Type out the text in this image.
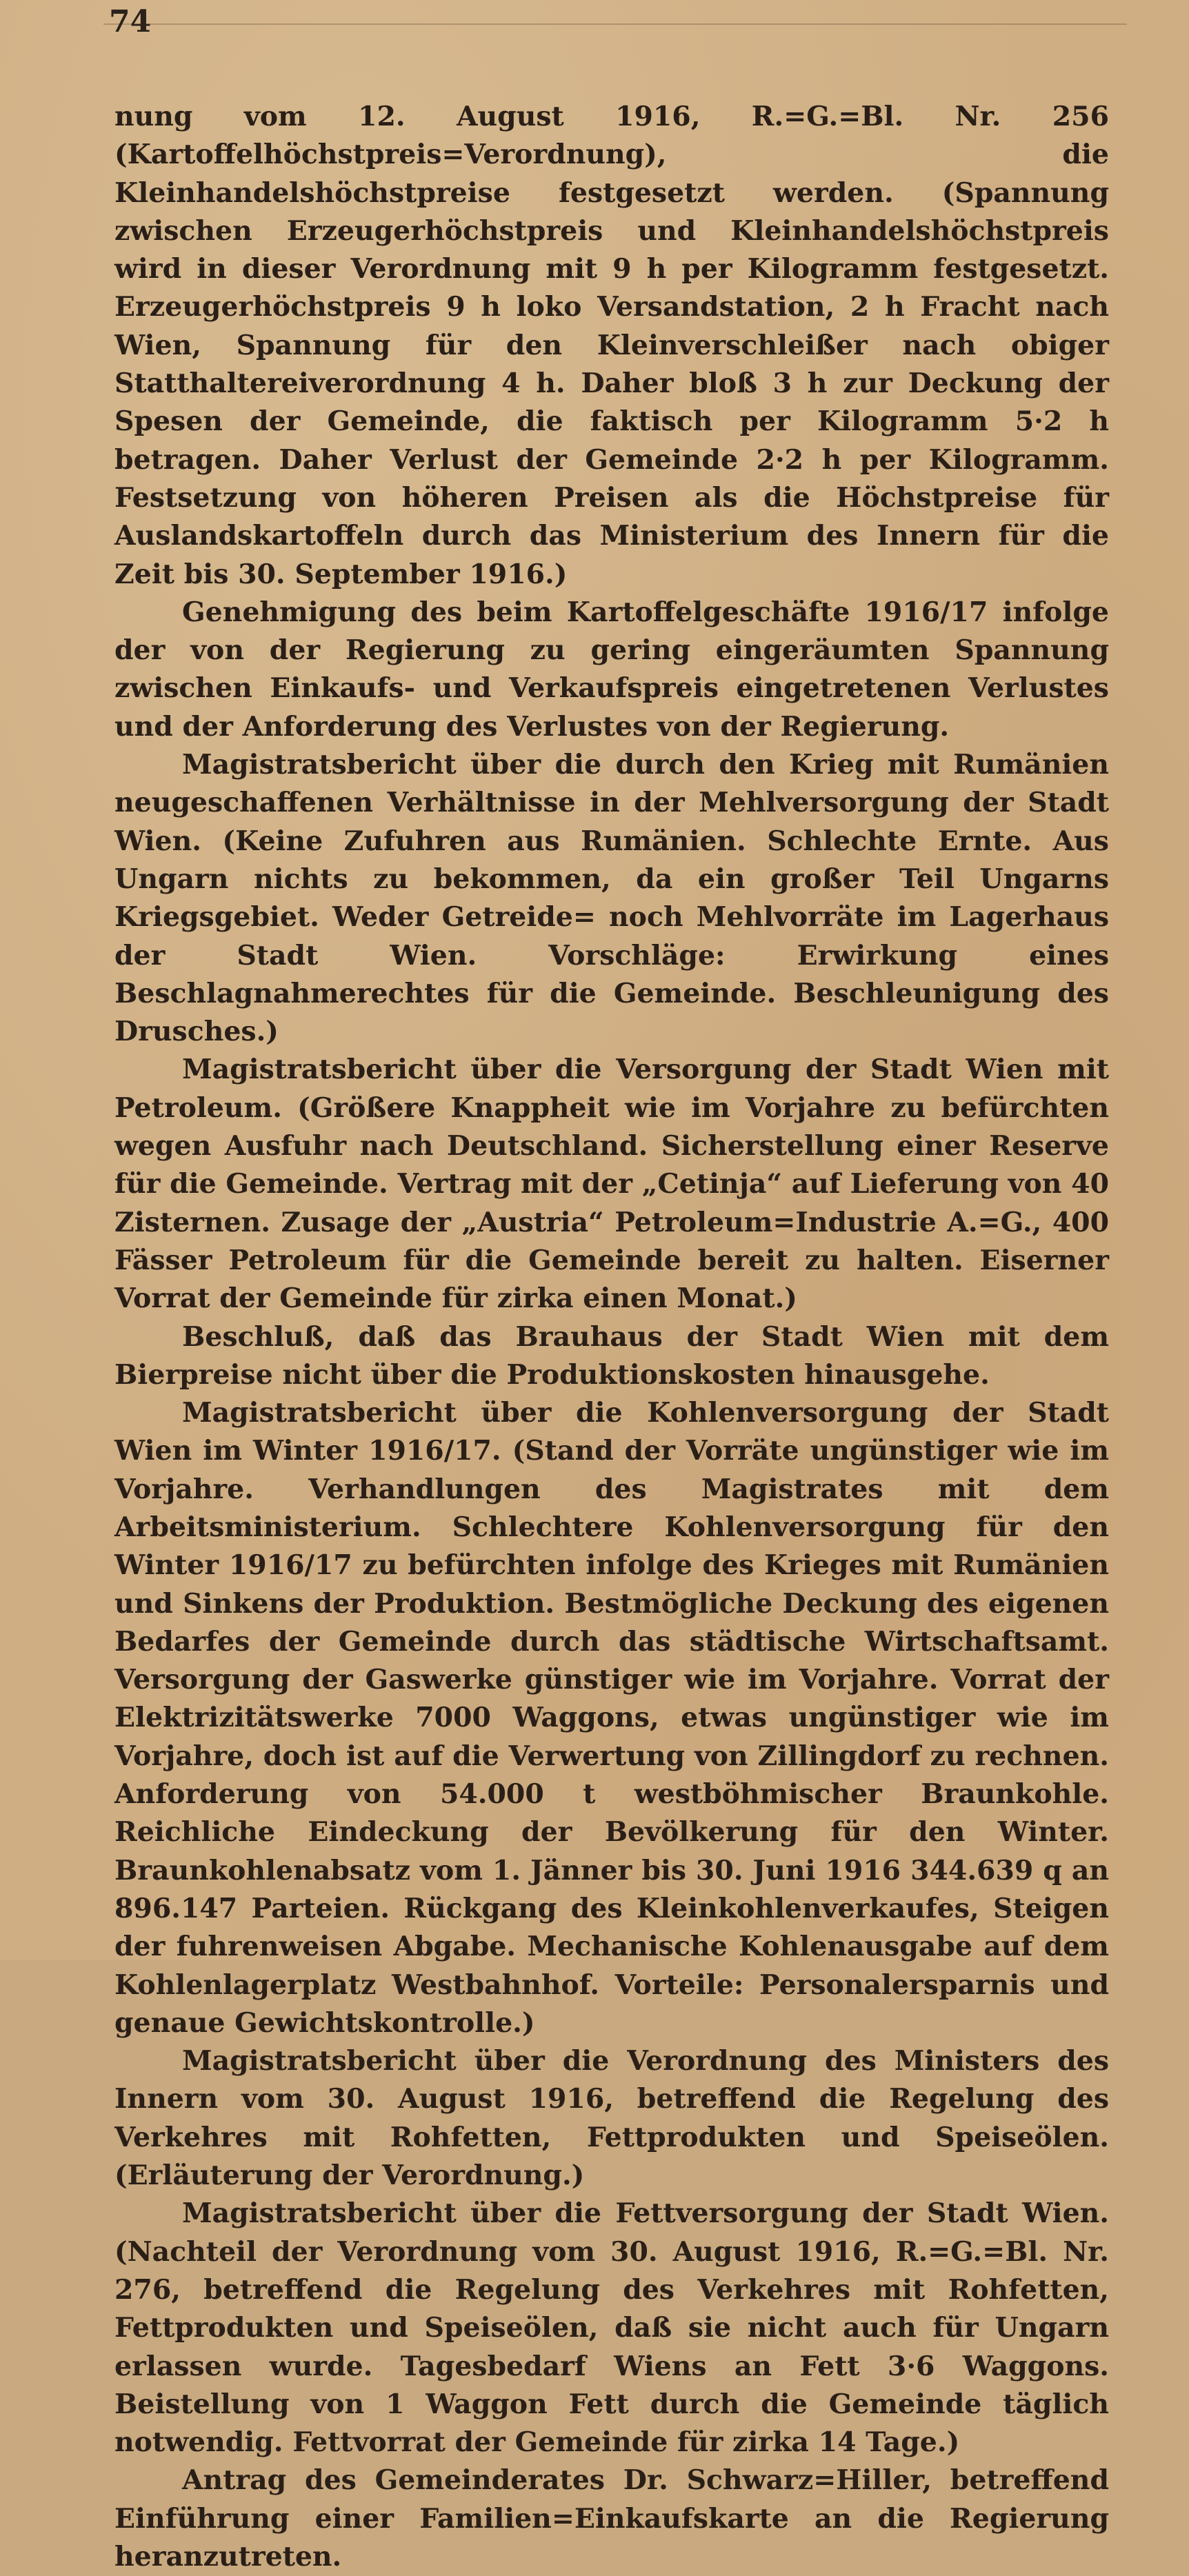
74

nung vom 12. August 1916, R.=G.=Bl. Nr. 256 (Kartoffelhöchstpreis=Verordnung), die Kleinhandelshöchstpreise festgesetzt werden. (Spannung zwischen Erzeugerhöchstpreis und Kleinhandelshöchstpreis wird in dieser Verordnung mit 9 h per Kilogramm festgesetzt. Erzeugerhöchstpreis 9 h loko Versandstation, 2 h Fracht nach Wien, Spannung für den Kleinverschleißer nach obiger Statthaltereiverordnung 4 h. Daher bloß 3 h zur Deckung der Spesen der Gemeinde, die faktisch per Kilogramm 5·2 h betragen. Daher Verlust der Gemeinde 2·2 h per Kilogramm. Festsetzung von höheren Preisen als die Höchstpreise für Auslandskartoffeln durch das Ministerium des Innern für die Zeit bis 30. September 1916.)

Genehmigung des beim Kartoffelgeschäfte 1916/17 infolge der von der Regierung zu gering eingeräumten Spannung zwischen Einkaufs- und Verkaufspreis eingetretenen Verlustes und der Anforderung des Verlustes von der Regierung.

Magistratsbericht über die durch den Krieg mit Rumänien neugeschaffenen Verhältnisse in der Mehlversorgung der Stadt Wien. (Keine Zufuhren aus Rumänien. Schlechte Ernte. Aus Ungarn nichts zu bekommen, da ein großer Teil Ungarns Kriegsgebiet. Weder Getreide= noch Mehlvorräte im Lagerhaus der Stadt Wien. Vorschläge: Erwirkung eines Beschlagnahmerechtes für die Gemeinde. Beschleunigung des Drusches.)

Magistratsbericht über die Versorgung der Stadt Wien mit Petroleum. (Größere Knappheit wie im Vorjahre zu befürchten wegen Ausfuhr nach Deutschland. Sicherstellung einer Reserve für die Gemeinde. Vertrag mit der „Cetinja“ auf Lieferung von 40 Zisternen. Zusage der „Austria“ Petroleum=Industrie A.=G., 400 Fässer Petroleum für die Gemeinde bereit zu halten. Eiserner Vorrat der Gemeinde für zirka einen Monat.)

Beschluß, daß das Brauhaus der Stadt Wien mit dem Bierpreise nicht über die Produktionskosten hinausgehe.

Magistratsbericht über die Kohlenversorgung der Stadt Wien im Winter 1916/17. (Stand der Vorräte ungünstiger wie im Vorjahre. Verhandlungen des Magistrates mit dem Arbeitsministerium. Schlechtere Kohlenversorgung für den Winter 1916/17 zu befürchten infolge des Krieges mit Rumänien und Sinkens der Produktion. Bestmögliche Deckung des eigenen Bedarfes der Gemeinde durch das städtische Wirtschaftsamt. Versorgung der Gaswerke günstiger wie im Vorjahre. Vorrat der Elektrizitätswerke 7000 Waggons, etwas ungünstiger wie im Vorjahre, doch ist auf die Verwertung von Zillingdorf zu rechnen. Anforderung von 54.000 t westböhmischer Braunkohle. Reichliche Eindeckung der Bevölkerung für den Winter. Braunkohlenabsatz vom 1. Jänner bis 30. Juni 1916 344.639 q an 896.147 Parteien. Rückgang des Kleinkohlenverkaufes, Steigen der fuhrenweisen Abgabe. Mechanische Kohlenausgabe auf dem Kohlenlagerplatz Westbahnhof. Vorteile: Personalersparnis und genaue Gewichtskontrolle.)

Magistratsbericht über die Verordnung des Ministers des Innern vom 30. August 1916, betreffend die Regelung des Verkehres mit Rohfetten, Fettprodukten und Speiseölen. (Erläuterung der Verordnung.)

Magistratsbericht über die Fettversorgung der Stadt Wien. (Nachteil der Verordnung vom 30. August 1916, R.=G.=Bl. Nr. 276, betreffend die Regelung des Verkehres mit Rohfetten, Fettprodukten und Speiseölen, daß sie nicht auch für Ungarn erlassen wurde. Tagesbedarf Wiens an Fett 3·6 Waggons. Beistellung von 1 Waggon Fett durch die Gemeinde täglich notwendig. Fettvorrat der Gemeinde für zirka 14 Tage.)

Antrag des Gemeinderates Dr. Schwarz=Hiller, betreffend Einführung einer Familien=Einkaufskarte an die Regierung heranzutreten.
